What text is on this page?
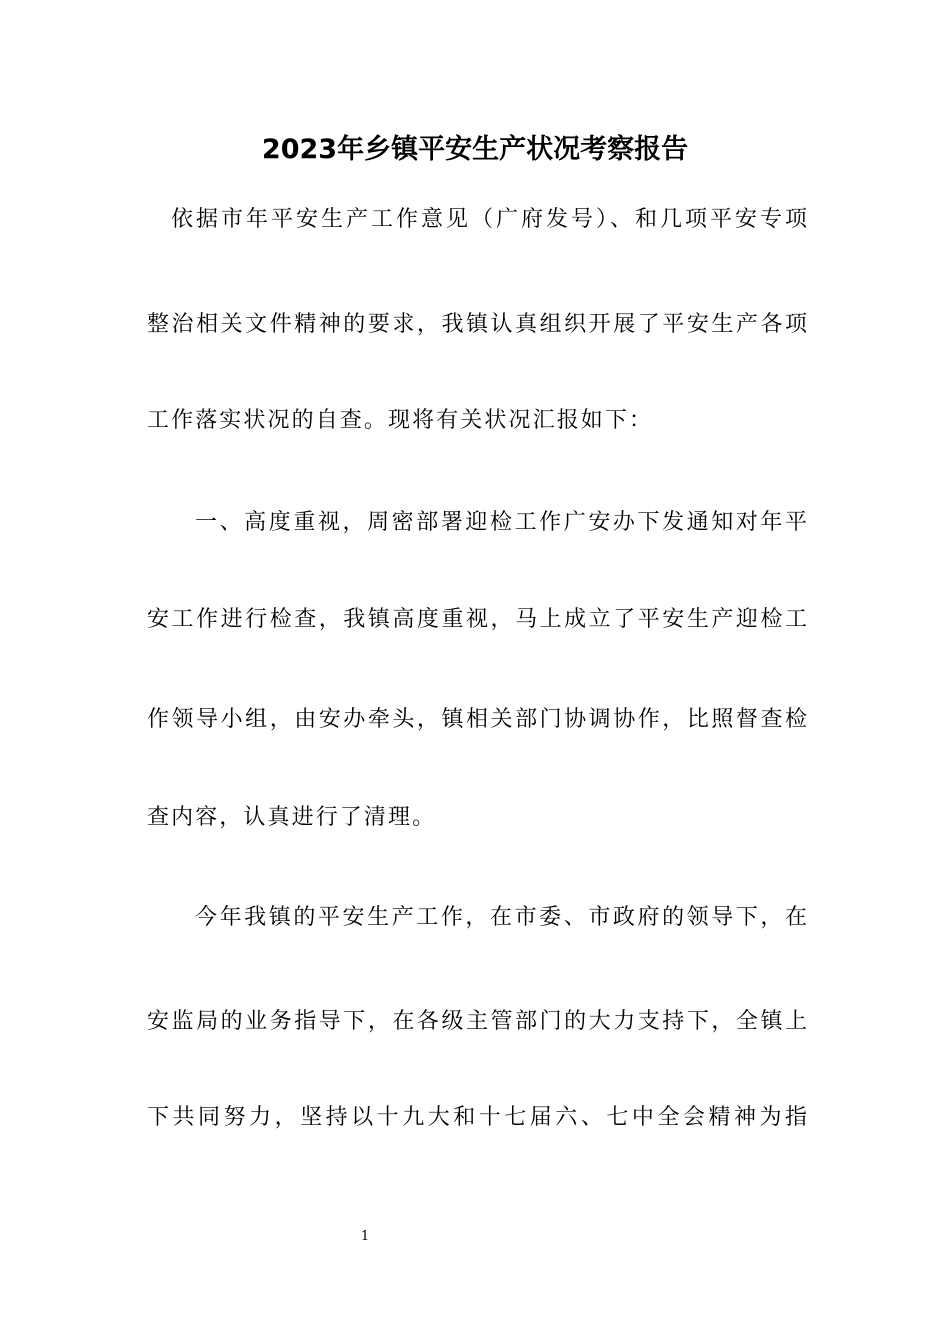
2023年乡镇平安生产状况考察报告
依据市年平安生产工作意见（广府发号）、和几项平安专项
整治相关文件精神的要求，我镇认真组织开展了平安生产各项
工作落实状况的自查。现将有关状况汇报如下：
一、高度重视，周密部署迎检工作广安办下发通知对年平
安工作进行检查，我镇高度重视，马上成立了平安生产迎检工
作领导小组，由安办牵头，镇相关部门协调协作，比照督查检
查内容，认真进行了清理。
今年我镇的平安生产工作，在市委、市政府的领导下，在
安监局的业务指导下，在各级主管部门的大力支持下，全镇上
下共同努力，坚持以十九大和十七届六、七中全会精神为指
1
